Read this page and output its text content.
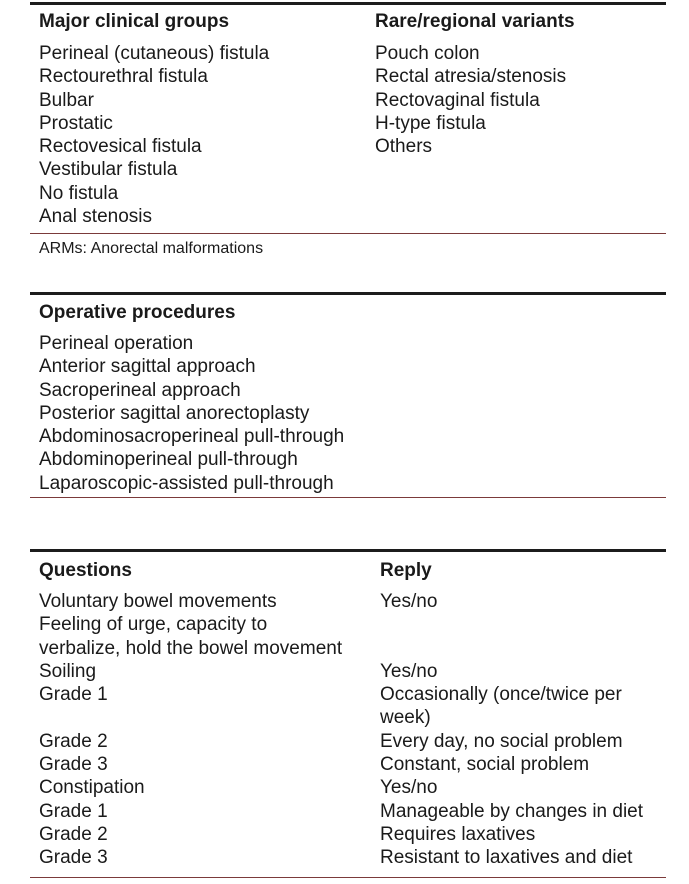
Major clinical groups	Rare/regional variants
Perineal (cutaneous) fistula
Rectourethral fistula
Bulbar
Prostatic
Rectovesical fistula
Vestibular fistula
No fistula
Anal stenosis
Pouch colon
Rectal atresia/stenosis
Rectovaginal fistula
H-type fistula
Others
ARMs: Anorectal malformations
Operative procedures
Perineal operation
Anterior sagittal approach
Sacroperineal approach
Posterior sagittal anorectoplasty
Abdominosacroperineal pull-through
Abdominoperineal pull-through
Laparoscopic-assisted pull-through
Questions	Reply
Voluntary bowel movements
Feeling of urge, capacity to
verbalize, hold the bowel movement
Soiling
Grade 1

Grade 2
Grade 3
Constipation
Grade 1
Grade 2
Grade 3
Yes/no

Yes/no
Occasionally (once/twice per
week)
Every day, no social problem
Constant, social problem
Yes/no
Manageable by changes in diet
Requires laxatives
Resistant to laxatives and diet
